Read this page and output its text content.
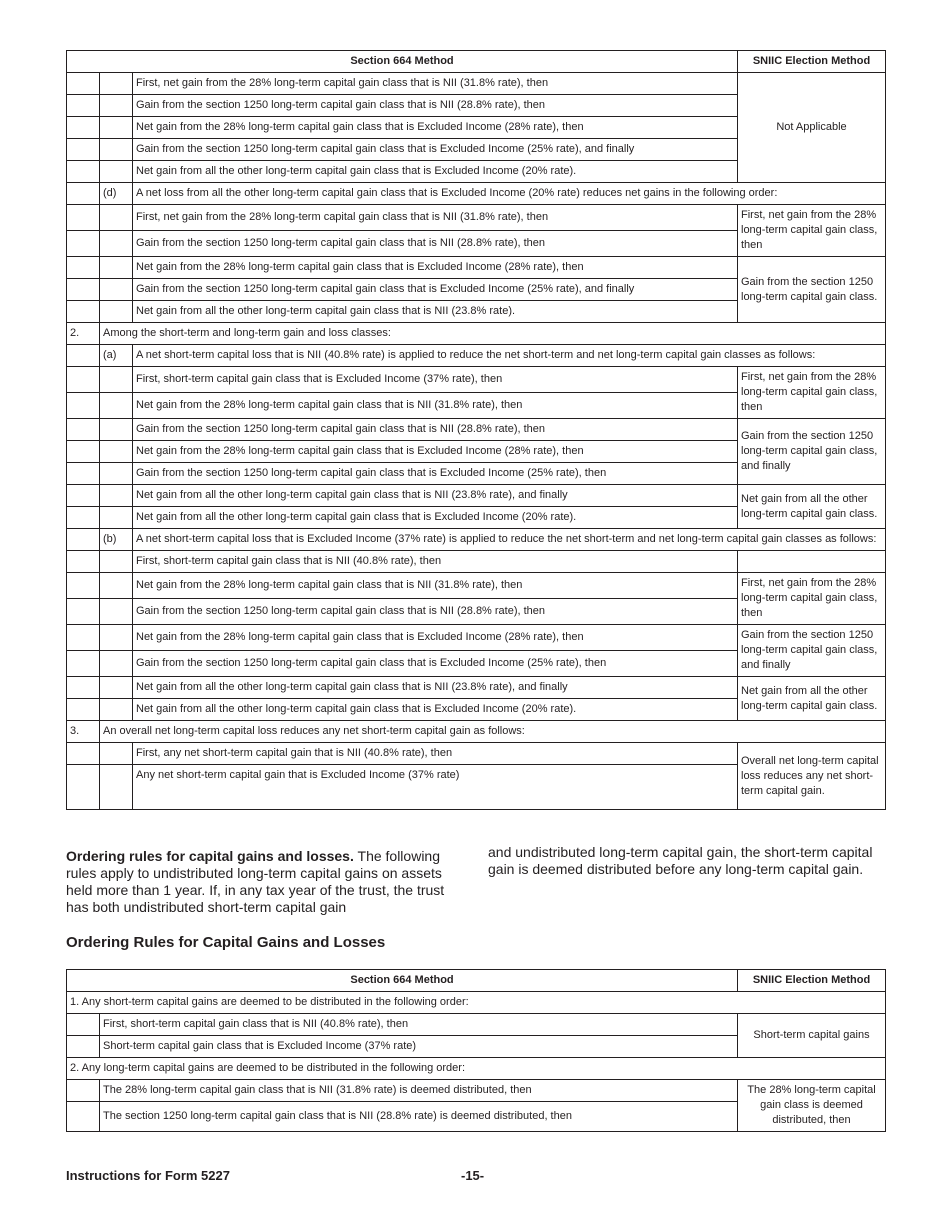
Section 664 Method			SNIIC Election Method
		First, net gain from the 28% long-term capital gain class that is NII (31.8% rate), then	Not Applicable
		Gain from the section 1250 long-term capital gain class that is NII (28.8% rate), then	
		Net gain from the 28% long-term capital gain class that is Excluded Income (28% rate), then	
		Gain from the section 1250 long-term capital gain class that is Excluded Income (25% rate), and finally	
		Net gain from all the other long-term capital gain class that is Excluded Income (20% rate).	
	(d)	A net loss from all the other long-term capital gain class that is Excluded Income (20% rate) reduces net gains in the following order:	
		First, net gain from the 28% long-term capital gain class that is NII (31.8% rate), then	First, net gain from the 28% long-term capital gain class, then
		Gain from the section 1250 long-term capital gain class that is NII (28.8% rate), then	
		Net gain from the 28% long-term capital gain class that is Excluded Income (28% rate), then	Gain from the section 1250 long-term capital gain class.
		Gain from the section 1250 long-term capital gain class that is Excluded Income (25% rate), and finally	
		Net gain from all the other long-term capital gain class that is NII (23.8% rate).	
2.	Among the short-term and long-term gain and loss classes:		
	(a)	A net short-term capital loss that is NII (40.8% rate) is applied to reduce the net short-term and net long-term capital gain classes as follows:	
		First, short-term capital gain class that is Excluded Income (37% rate), then	First, net gain from the 28% long-term capital gain class, then
		Net gain from the 28% long-term capital gain class that is NII (31.8% rate), then	
		Gain from the section 1250 long-term capital gain class that is NII (28.8% rate), then	Gain from the section 1250 long-term capital gain class, and finally
		Net gain from the 28% long-term capital gain class that is Excluded Income (28% rate), then	
		Gain from the section 1250 long-term capital gain class that is Excluded Income (25% rate), then	
		Net gain from all the other long-term capital gain class that is NII (23.8% rate), and finally	Net gain from all the other long-term capital gain class.
		Net gain from all the other long-term capital gain class that is Excluded Income (20% rate).	
	(b)	A net short-term capital loss that is Excluded Income (37% rate) is applied to reduce the net short-term and net long-term capital gain classes as follows:	
		First, short-term capital gain class that is NII (40.8% rate), then	
		Net gain from the 28% long-term capital gain class that is NII (31.8% rate), then	First, net gain from the 28% long-term capital gain class, then
		Gain from the section 1250 long-term capital gain class that is NII (28.8% rate), then	
		Net gain from the 28% long-term capital gain class that is Excluded Income (28% rate), then	Gain from the section 1250 long-term capital gain class, and finally
		Gain from the section 1250 long-term capital gain class that is Excluded Income (25% rate), then	
		Net gain from all the other long-term capital gain class that is NII (23.8% rate), and finally	Net gain from all the other long-term capital gain class.
		Net gain from all the other long-term capital gain class that is Excluded Income (20% rate).	
3.	An overall net long-term capital loss reduces any net short-term capital gain as follows:		
		First, any net short-term capital gain that is NII (40.8% rate), then	Overall net long-term capital loss reduces any net short-term capital gain.
		Any net short-term capital gain that is Excluded Income (37% rate)	
Ordering rules for capital gains and losses. The following rules apply to undistributed long-term capital gains on assets held more than 1 year. If, in any tax year of the trust, the trust has both undistributed short-term capital gain
and undistributed long-term capital gain, the short-term capital gain is deemed distributed before any long-term capital gain.
Ordering Rules for Capital Gains and Losses
Section 664 Method		SNIIC Election Method
1. Any short-term capital gains are deemed to be distributed in the following order:		
	First, short-term capital gain class that is NII (40.8% rate), then	Short-term capital gains
	Short-term capital gain class that is Excluded Income (37% rate)	
2. Any long-term capital gains are deemed to be distributed in the following order:		
	The 28% long-term capital gain class that is NII (31.8% rate) is deemed distributed, then	The 28% long-term capital gain class is deemed distributed, then
	The section 1250 long-term capital gain class that is NII (28.8% rate) is deemed distributed, then	
Instructions for Form 5227	-15-
